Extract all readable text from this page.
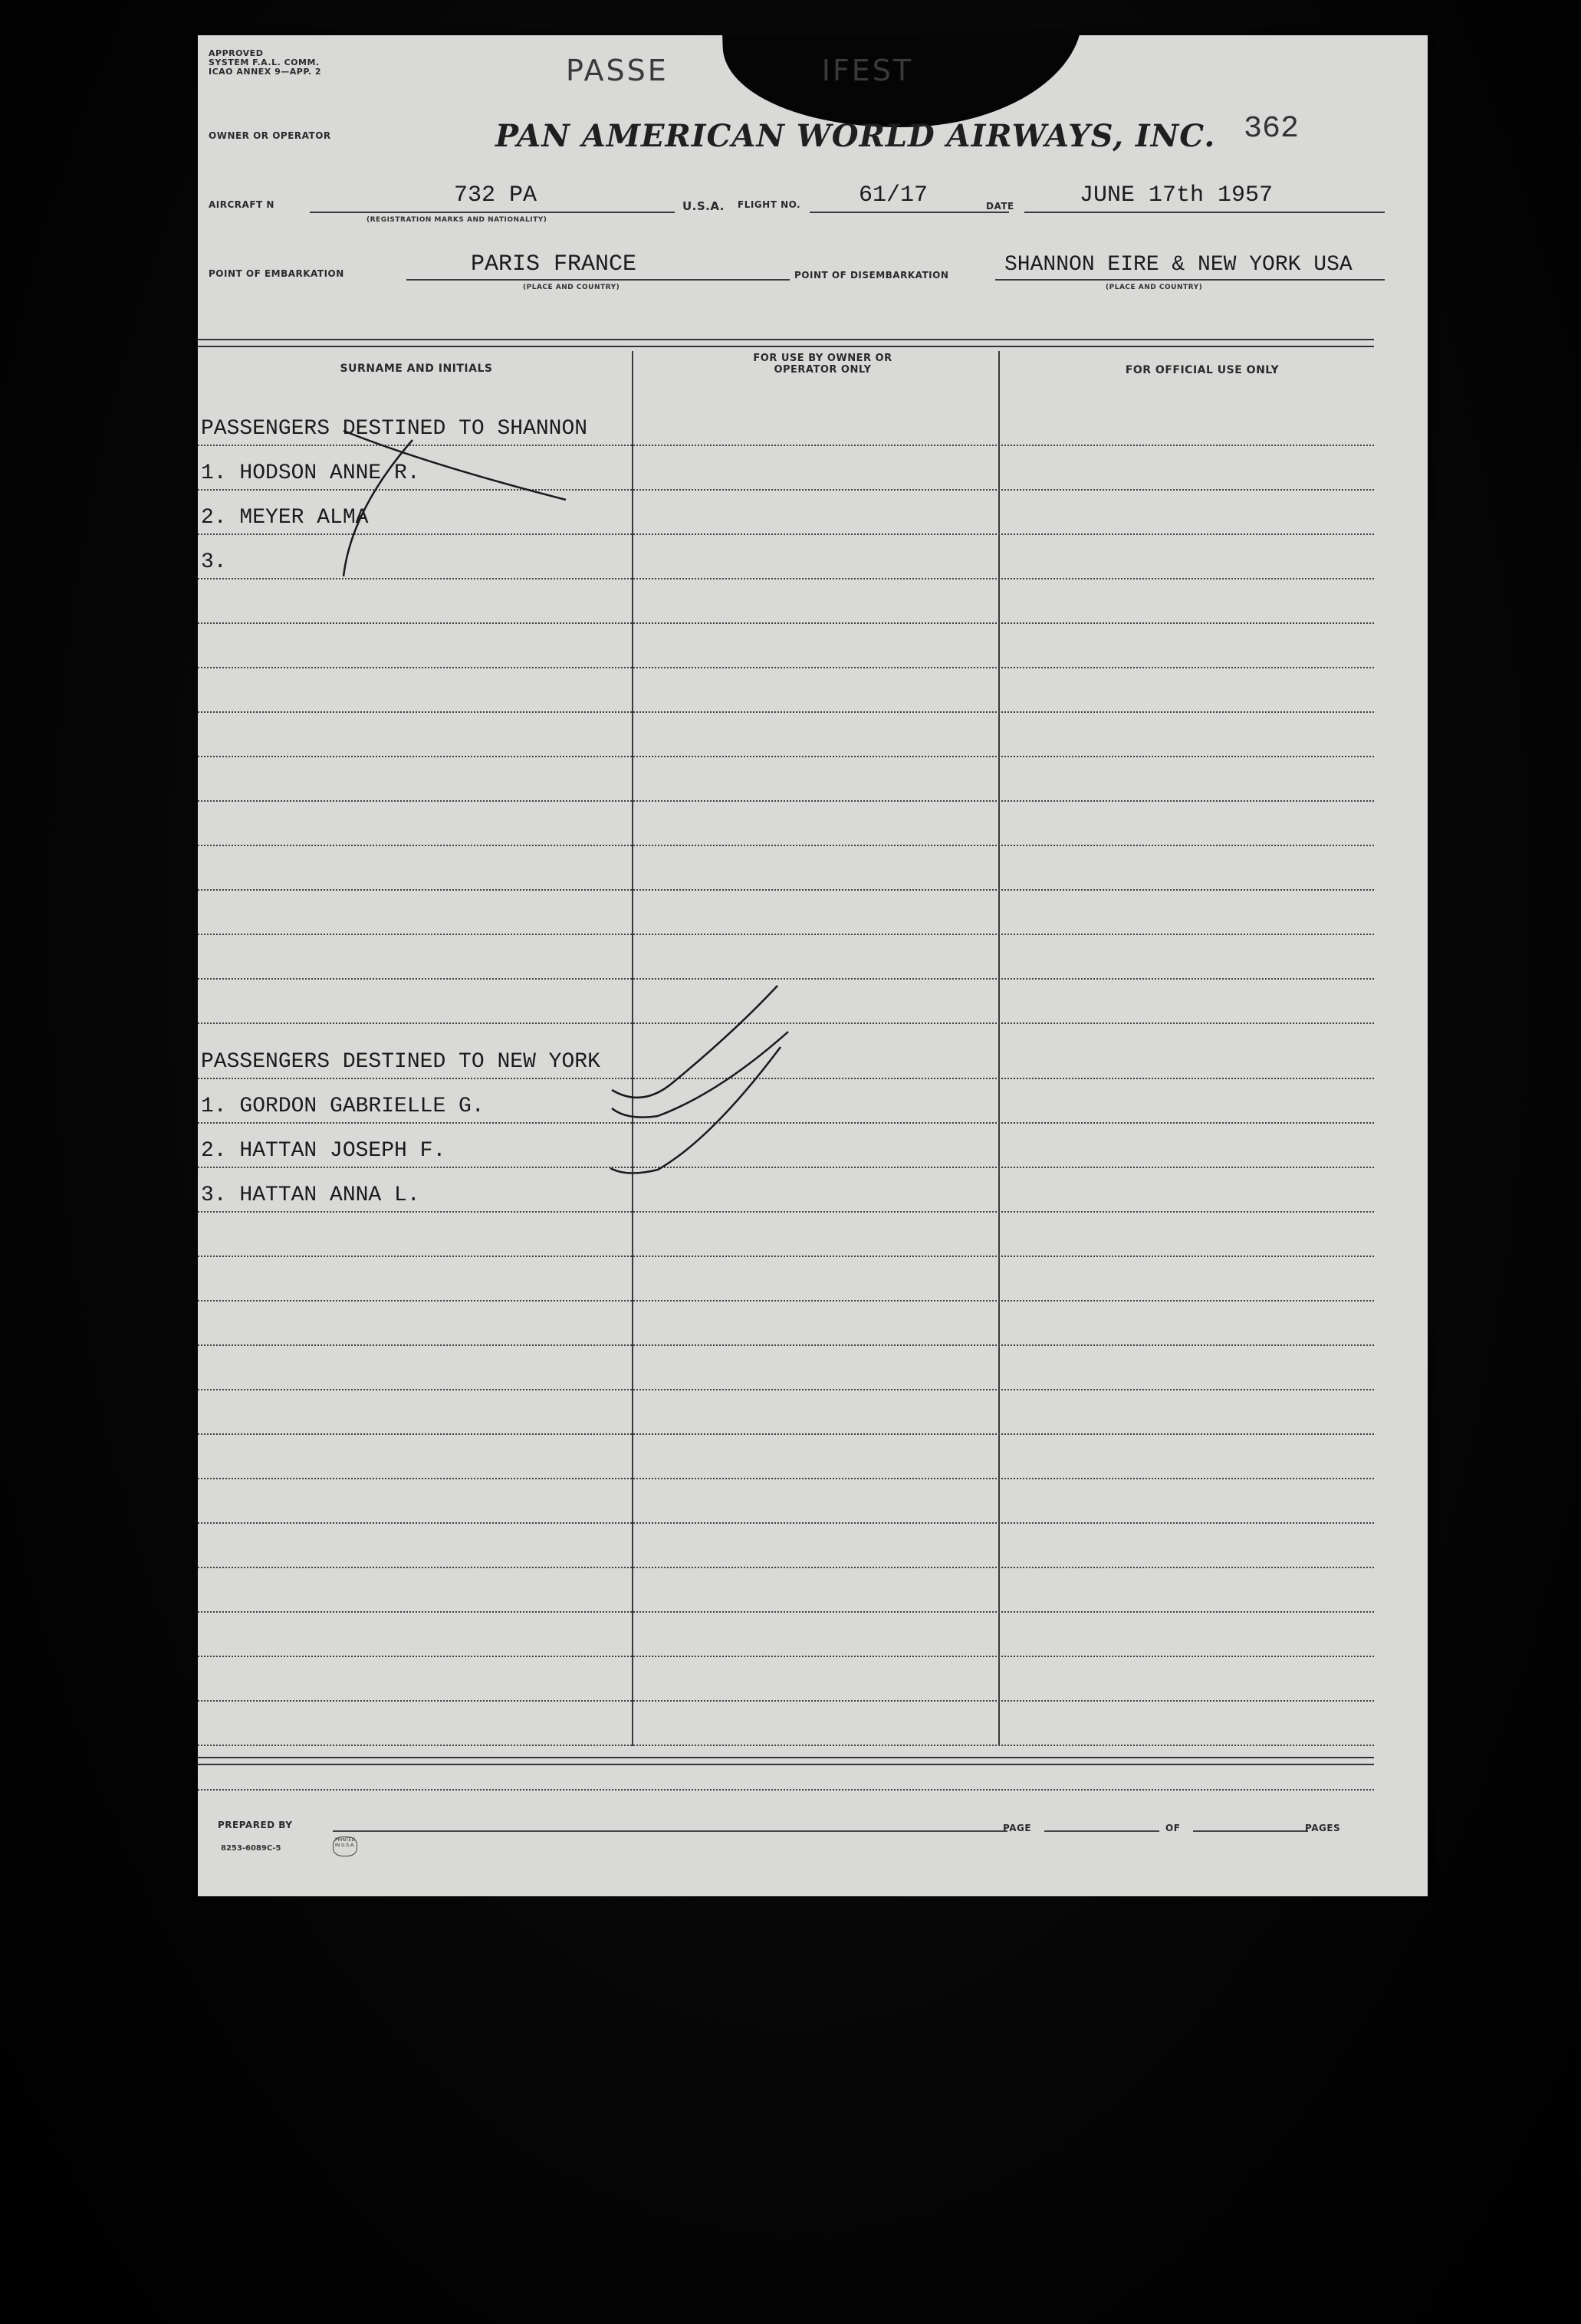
APPROVED
SYSTEM F.A.L. COMM.
ICAO ANNEX 9—APP. 2	PASSE	IFEST
362
OWNER OR OPERATOR	PAN AMERICAN WORLD AIRWAYS, INC.
AIRCRAFT N	732 PA
(REGISTRATION MARKS AND NATIONALITY)
U.S.A. FLIGHT NO.	61/17	DATE	JUNE 17th 1957
POINT OF EMBARKATION	PARIS FRANCE
(PLACE AND COUNTRY)
POINT OF DISEMBARKATION	SHANNON EIRE & NEW YORK USA
(PLACE AND COUNTRY)
SURNAME AND INITIALS
FOR USE BY OWNER OR OPERATOR ONLY	FOR OFFICIAL USE ONLY
PASSENGERS DESTINED TO SHANNON
1. HODSON ANNE R.
2. MEYER ALMA
3.
PASSENGERS DESTINED TO NEW YORK
1. GORDON GABRIELLE G.
2. HATTAN JOSEPH F.
3. HATTAN ANNA L.
PREPARED BY	PAGE	OF	PAGES
8253-6089C-5
PRINTED IN U.S.A.
